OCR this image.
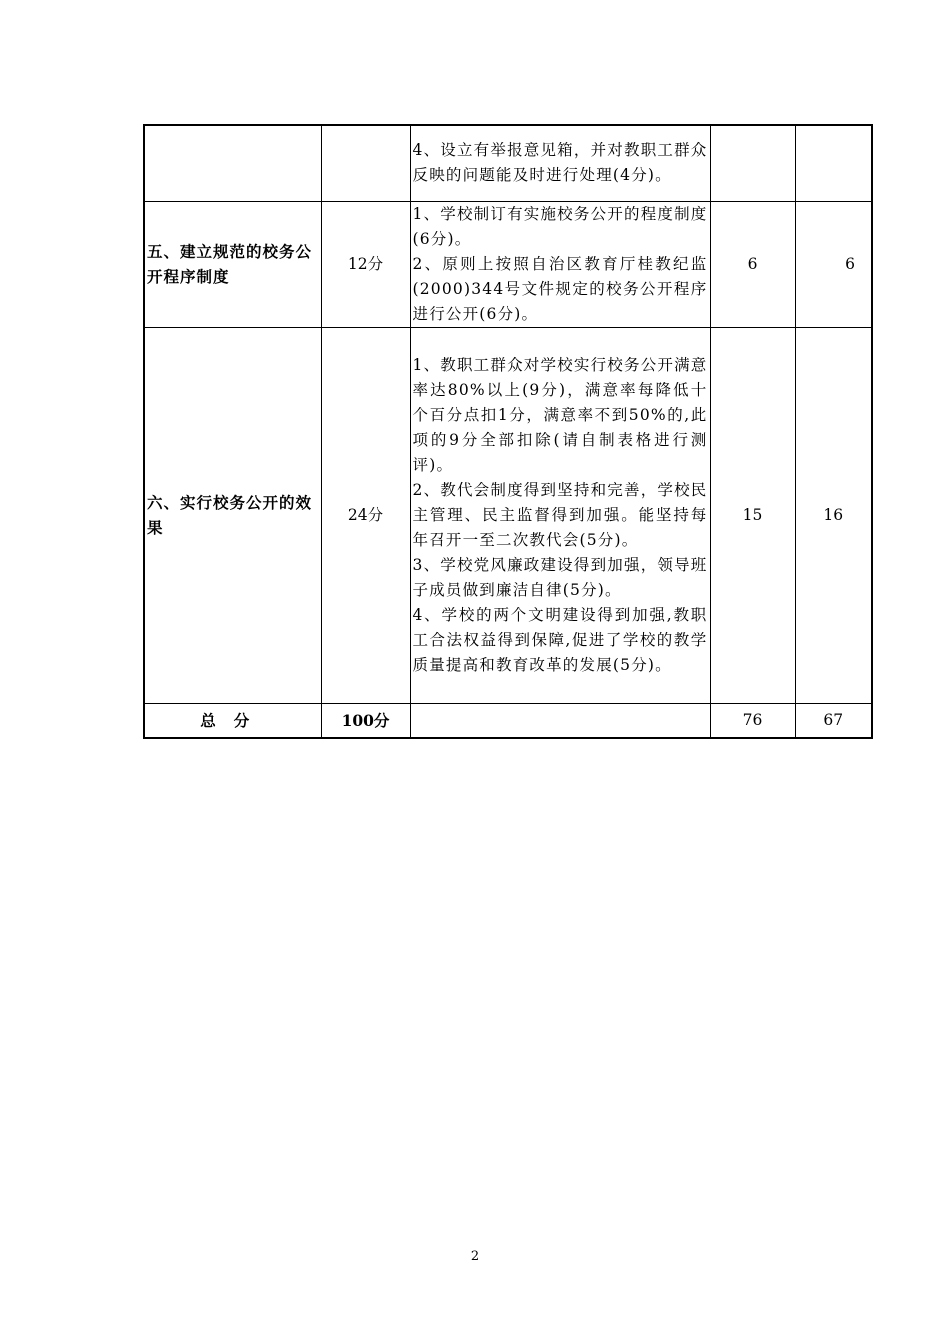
		4、设立有举报意见箱，并对教职工群众反映的问题能及时进行处理(4分)。		

五、建立规范的校务公开程序制度	12分	1、学校制订有实施校务公开的程度制度(6分)。
2、原则上按照自治区教育厅桂教纪监(2000)344号文件规定的校务公开程序进行公开(6分)。	6	6
六、实行校务公开的效果	24分	1、教职工群众对学校实行校务公开满意率达80%以上(9分)，满意率每降低十个百分点扣1分，满意率不到50%的,此项的9分全部扣除(请自制表格进行测评)。
2、教代会制度得到坚持和完善，学校民主管理、民主监督得到加强。能坚持每年召开一至二次教代会(5分)。
3、学校党风廉政建设得到加强，领导班子成员做到廉洁自律(5分)。
4、学校的两个文明建设得到加强,教职工合法权益得到保障,促进了学校的教学质量提高和教育改革的发展(5分)。	15	16
总分	100分		76	67
2
